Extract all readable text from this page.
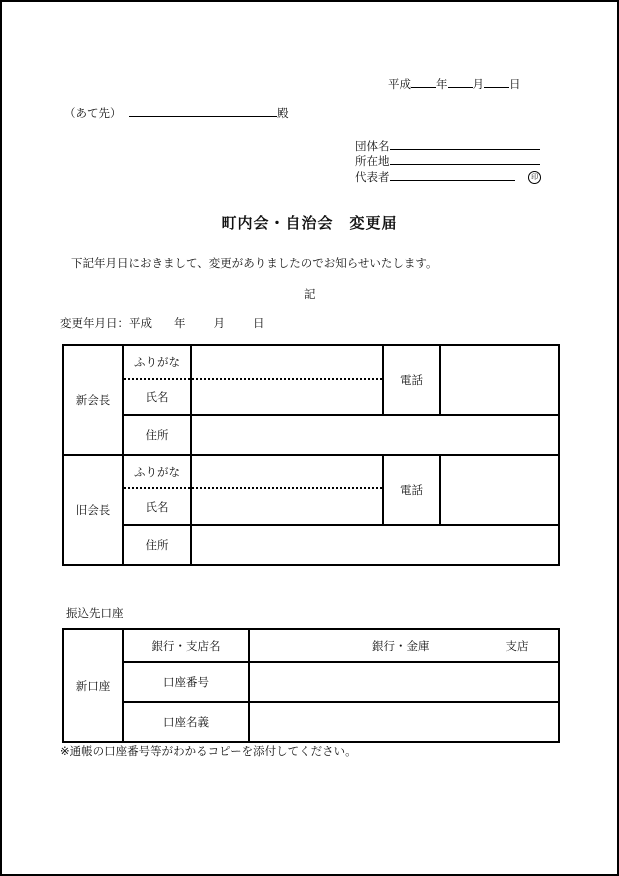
平成 年 月 日
（あて先）	殿
団体名
所在地
代表者	印
町内会・自治会　変更届
下記年月日におきまして、変更がありましたのでお知らせいたします。
記
変更年月日：平成 年 月 日
新会長	ふりがな		電話	
	氏名			
	住所			
旧会長	ふりがな		電話	
	氏名			
	住所			
振込先口座
新口座	銀行・支店名	銀行・金庫 支店
	口座番号	
	口座名義	
※通帳の口座番号等がわかるコピーを添付してください。
